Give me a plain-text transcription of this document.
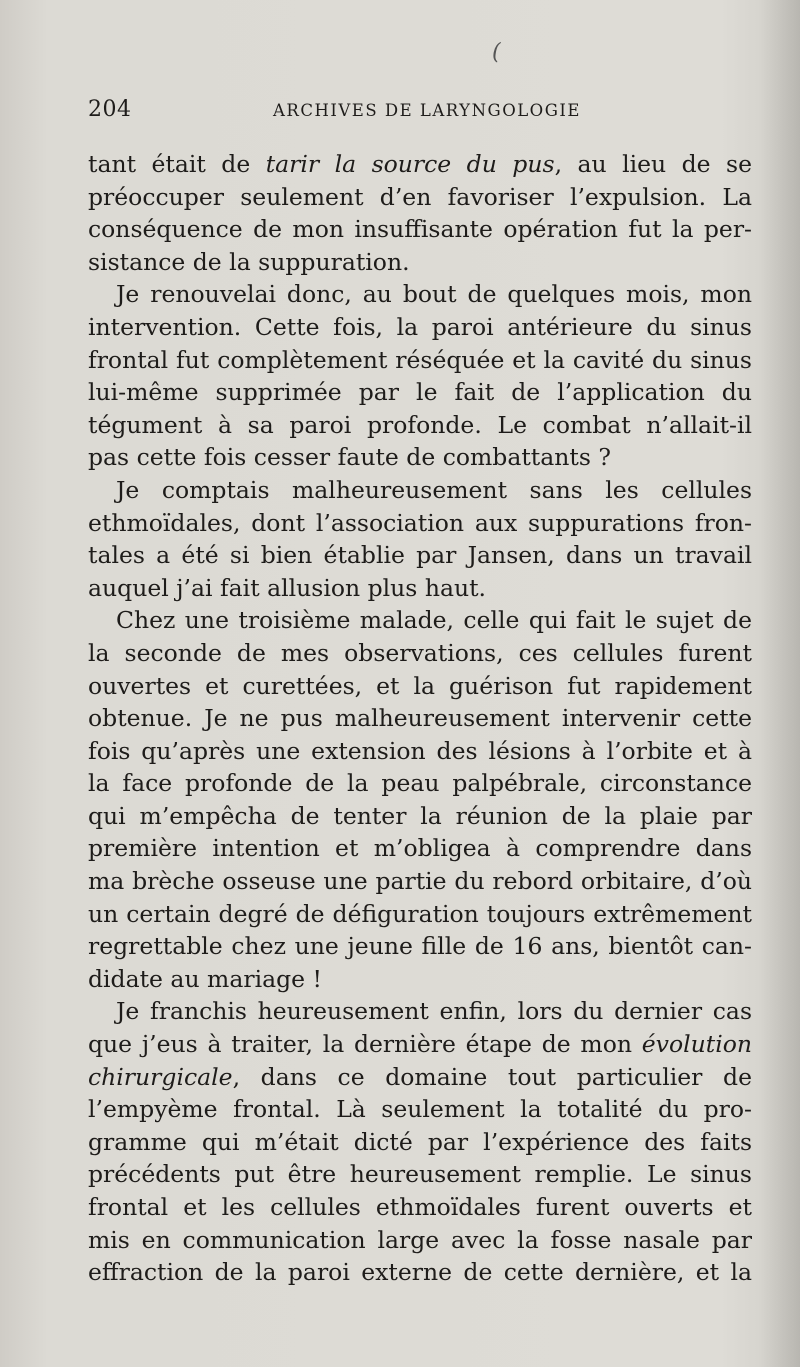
(
204	ARCHIVES DE LARYNGOLOGIE
tant était de tarir la source du pus, au lieu de se
préoccuper seulement d’en favoriser l’expulsion. La
conséquence de mon insuffisante opération fut la per-
sistance de la suppuration.
Je renouvelai donc, au bout de quelques mois, mon
intervention. Cette fois, la paroi antérieure du sinus
frontal fut complètement réséquée et la cavité du sinus
lui-même supprimée par le fait de l’application du
tégument à sa paroi profonde. Le combat n’allait-il
pas cette fois cesser faute de combattants ?
Je comptais malheureusement sans les cellules
ethmoïdales, dont l’association aux suppurations fron-
tales a été si bien établie par Jansen, dans un travail
auquel j’ai fait allusion plus haut.
Chez une troisième malade, celle qui fait le sujet de
la seconde de mes observations, ces cellules furent
ouvertes et curettées, et la guérison fut rapidement
obtenue. Je ne pus malheureusement intervenir cette
fois qu’après une extension des lésions à l’orbite et à
la face profonde de la peau palpébrale, circonstance
qui m’empêcha de tenter la réunion de la plaie par
première intention et m’obligea à comprendre dans
ma brèche osseuse une partie du rebord orbitaire, d’où
un certain degré de défiguration toujours extrêmement
regrettable chez une jeune fille de 16 ans, bientôt can-
didate au mariage !
Je franchis heureusement enfin, lors du dernier cas
que j’eus à traiter, la dernière étape de mon évolution
chirurgicale, dans ce domaine tout particulier de
l’empyème frontal. Là seulement la totalité du pro-
gramme qui m’était dicté par l’expérience des faits
précédents put être heureusement remplie. Le sinus
frontal et les cellules ethmoïdales furent ouverts et
mis en communication large avec la fosse nasale par
effraction de la paroi externe de cette dernière, et la
